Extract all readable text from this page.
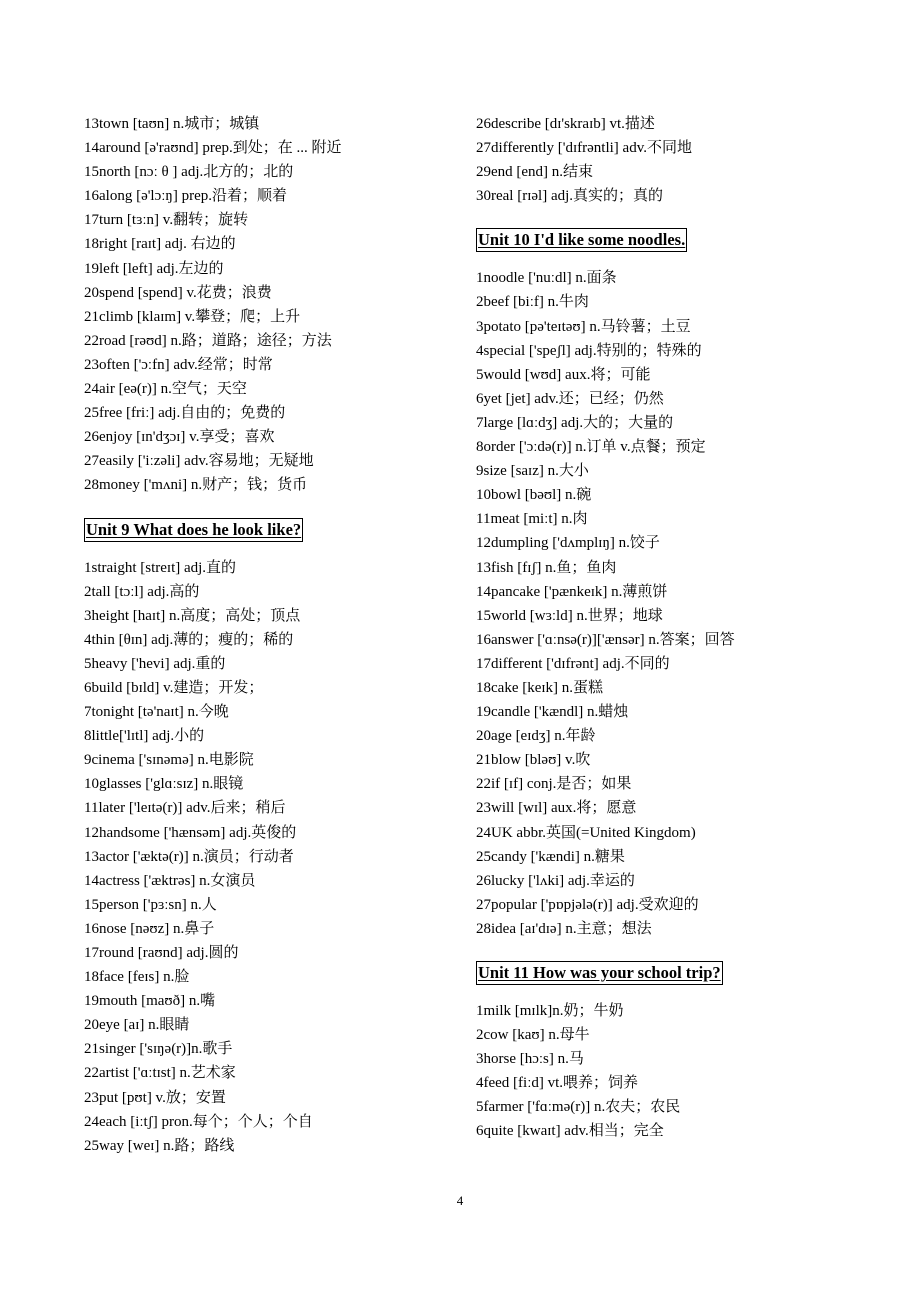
13town [taʊn] n.城市；城镇
14around [ə'raʊnd] prep.到处；在 ... 附近
15north [nɔː θ ] adj.北方的；北的
16along [ə'lɔːŋ] prep.沿着；顺着
17turn [tɜːn] v.翻转；旋转
18right [raɪt] adj. 右边的
19left [left] adj.左边的
20spend [spend] v.花费；浪费
21climb [klaɪm] v.攀登；爬；上升
22road [rəʊd] n.路；道路；途径；方法
23often ['ɔːfn] adv.经常；时常
24air [eə(r)] n.空气；天空
25free [friː] adj.自由的；免费的
26enjoy [ɪn'dʒɔɪ] v.享受；喜欢
27easily ['iːzəli] adv.容易地；无疑地
28money ['mʌni] n.财产；钱；货币
Unit 9 What does he look like?
1straight [streɪt] adj.直的
2tall [tɔːl] adj.高的
3height [haɪt] n.高度；高处；顶点
4thin [θɪn] adj.薄的；瘦的；稀的
5heavy ['hevi] adj.重的
6build [bɪld] v.建造；开发；
7tonight [tə'naɪt] n.今晚
8little['lɪtl] adj.小的
9cinema ['sɪnəmə] n.电影院
10glasses ['glɑːsɪz] n.眼镜
11later ['leɪtə(r)] adv.后来；稍后
12handsome ['hænsəm] adj.英俊的
13actor ['æktə(r)] n.演员；行动者
14actress ['æktrəs] n.女演员
15person ['pɜːsn] n.人
16nose [nəʊz] n.鼻子
17round [raʊnd] adj.圆的
18face [feɪs] n.脸
19mouth [maʊð] n.嘴
20eye [aɪ] n.眼睛
21singer ['sɪŋə(r)]n.歌手
22artist ['ɑːtɪst] n.艺术家
23put [pʊt] v.放；安置
24each [iːtʃ] pron.每个；个人；个自
25way [weɪ] n.路；路线
26describe [dɪ'skraɪb] vt.描述
27differently ['dɪfrəntli] adv.不同地
29end [end] n.结束
30real [rɪəl] adj.真实的；真的
Unit 10 I'd like some noodles.
1noodle ['nuːdl] n.面条
2beef [biːf] n.牛肉
3potato [pə'teɪtəʊ] n.马铃薯；土豆
4special ['speʃl] adj.特别的；特殊的
5would [wʊd] aux.将；可能
6yet [jet] adv.还；已经；仍然
7large [lɑːdʒ] adj.大的；大量的
8order ['ɔːdə(r)] n.订单 v.点餐；预定
9size [saɪz] n.大小
10bowl [bəʊl] n.碗
11meat [miːt] n.肉
12dumpling ['dʌmplɪŋ] n.饺子
13fish [fɪʃ] n.鱼；鱼肉
14pancake ['pænkeɪk] n.薄煎饼
15world [wɜːld] n.世界；地球
16answer ['ɑːnsə(r)]['ænsər] n.答案；回答
17different ['dɪfrənt] adj.不同的
18cake [keɪk] n.蛋糕
19candle ['kændl] n.蜡烛
20age [eɪdʒ] n.年龄
21blow [bləʊ] v.吹
22if [ɪf] conj.是否；如果
23will [wɪl] aux.将；愿意
24UK abbr.英国(=United Kingdom)
25candy ['kændi] n.糖果
26lucky ['lʌki] adj.幸运的
27popular ['pɒpjələ(r)] adj.受欢迎的
28idea [aɪ'dɪə] n.主意；想法
Unit 11 How was your school trip?
1milk [mɪlk]n.奶；牛奶
2cow [kaʊ] n.母牛
3horse [hɔːs] n.马
4feed [fiːd] vt.喂养；饲养
5farmer ['fɑːmə(r)] n.农夫；农民
6quite [kwaɪt] adv.相当；完全
4
